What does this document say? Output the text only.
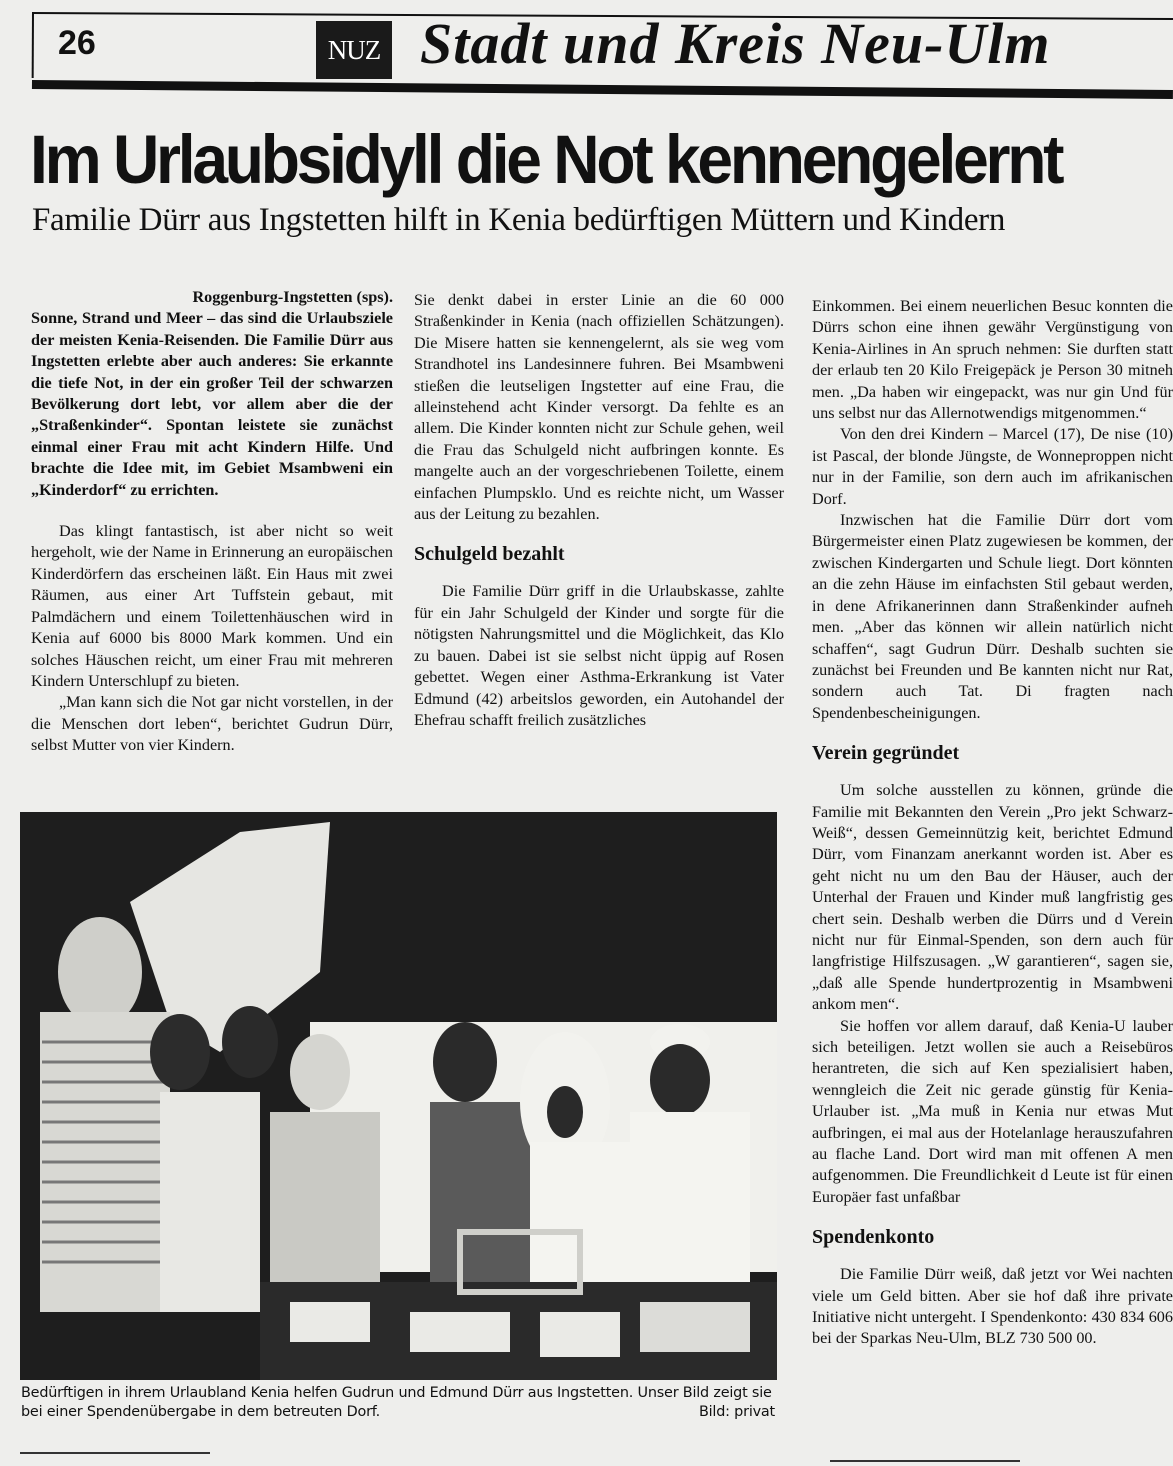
26	NUZ Stadt und Kreis Neu-Ulm
Im Urlaubsidyll die Not kennengelernt
Familie Dürr aus Ingstetten hilft in Kenia bedürftigen Müttern und Kindern
Roggenburg-Ingstetten (sps).

Sonne, Strand und Meer – das sind die Urlaubsziele der meisten Kenia-Reisenden. Die Familie Dürr aus Ingstetten erlebte aber auch anderes: Sie erkannte die tiefe Not, in der ein großer Teil der schwarzen Bevölkerung dort lebt, vor allem aber die der „Straßenkinder“. Spontan leistete sie zunächst einmal einer Frau mit acht Kindern Hilfe. Und brachte die Idee mit, im Gebiet Msambweni ein „Kinderdorf“ zu errichten.

Das klingt fantastisch, ist aber nicht so weit hergeholt, wie der Name in Erinnerung an europäischen Kinderdörfern das erscheinen läßt. Ein Haus mit zwei Räumen, aus einer Art Tuffstein gebaut, mit Palmdächern und einem Toilettenhäuschen wird in Kenia auf 6000 bis 8000 Mark kommen. Und ein solches Häuschen reicht, um einer Frau mit mehreren Kindern Unterschlupf zu bieten.

„Man kann sich die Not gar nicht vorstellen, in der die Menschen dort leben“, berichtet Gudrun Dürr, selbst Mutter von vier Kindern.

Sie denkt dabei in erster Linie an die 60 000 Straßenkinder in Kenia (nach offiziellen Schätzungen). Die Misere hatten sie kennengelernt, als sie weg vom Strandhotel ins Landesinnere fuhren. Bei Msambweni stießen die leutseligen Ingstetter auf eine Frau, die alleinstehend acht Kinder versorgt. Da fehlte es an allem. Die Kinder konnten nicht zur Schule gehen, weil die Frau das Schulgeld nicht aufbringen konnte. Es mangelte auch an der vorgeschriebenen Toilette, einem einfachen Plumpsklo. Und es reichte nicht, um Wasser aus der Leitung zu bezahlen.

Schulgeld bezahlt

Die Familie Dürr griff in die Urlaubskasse, zahlte für ein Jahr Schulgeld der Kinder und sorgte für die nötigsten Nahrungsmittel und die Möglichkeit, das Klo zu bauen. Dabei ist sie selbst nicht üppig auf Rosen gebettet. Wegen einer Asthma-Erkrankung ist Vater Edmund (42) arbeitslos geworden, ein Autohandel der Ehefrau schafft freilich zusätzliches

Einkommen. Bei einem neuerlichen Besuc konnten die Dürrs schon eine ihnen gewähr Vergünstigung von Kenia-Airlines in An spruch nehmen: Sie durften statt der erlaub ten 20 Kilo Freigepäck je Person 30 mitneh men. „Da haben wir eingepackt, was nur gin Und für uns selbst nur das Allernotwendigs mitgenommen.“

Von den drei Kindern – Marcel (17), De nise (10) ist Pascal, der blonde Jüngste, de Wonneproppen nicht nur in der Familie, son dern auch im afrikanischen Dorf.

Inzwischen hat die Familie Dürr dort vom Bürgermeister einen Platz zugewiesen be kommen, der zwischen Kindergarten und Schule liegt. Dort könnten an die zehn Häuse im einfachsten Stil gebaut werden, in dene Afrikanerinnen dann Straßenkinder aufneh men. „Aber das können wir allein natürlich nicht schaffen“, sagt Gudrun Dürr. Deshalb suchten sie zunächst bei Freunden und Be kannten nicht nur Rat, sondern auch Tat. Di fragten nach Spendenbescheinigungen.

Verein gegründet

Um solche ausstellen zu können, gründe die Familie mit Bekannten den Verein „Pro jekt Schwarz-Weiß“, dessen Gemeinnützig keit, berichtet Edmund Dürr, vom Finanzam anerkannt worden ist. Aber es geht nicht nu um den Bau der Häuser, auch der Unterhal der Frauen und Kinder muß langfristig ges chert sein. Deshalb werben die Dürrs und d Verein nicht nur für Einmal-Spenden, son dern auch für langfristige Hilfszusagen. „W garantieren“, sagen sie, „daß alle Spende hundertprozentig in Msambweni ankom men“.

Sie hoffen vor allem darauf, daß Kenia-U lauber sich beteiligen. Jetzt wollen sie auch a Reisebüros herantreten, die sich auf Ken spezialisiert haben, wenngleich die Zeit nic gerade günstig für Kenia-Urlauber ist. „Ma muß in Kenia nur etwas Mut aufbringen, ei mal aus der Hotelanlage herauszufahren au flache Land. Dort wird man mit offenen A men aufgenommen. Die Freundlichkeit d Leute ist für einen Europäer fast unfaßbar

Spendenkonto

Die Familie Dürr weiß, daß jetzt vor Wei nachten viele um Geld bitten. Aber sie hof daß ihre private Initiative nicht untergeht. I Spendenkonto: 430 834 606 bei der Sparkas Neu-Ulm, BLZ 730 500 00.

Bedürftigen in ihrem Urlaubland Kenia helfen Gudrun und Edmund Dürr aus Ingstetten. Unser Bild zeigt sie bei einer Spendenübergabe in dem betreuten Dorf.	Bild: privat
